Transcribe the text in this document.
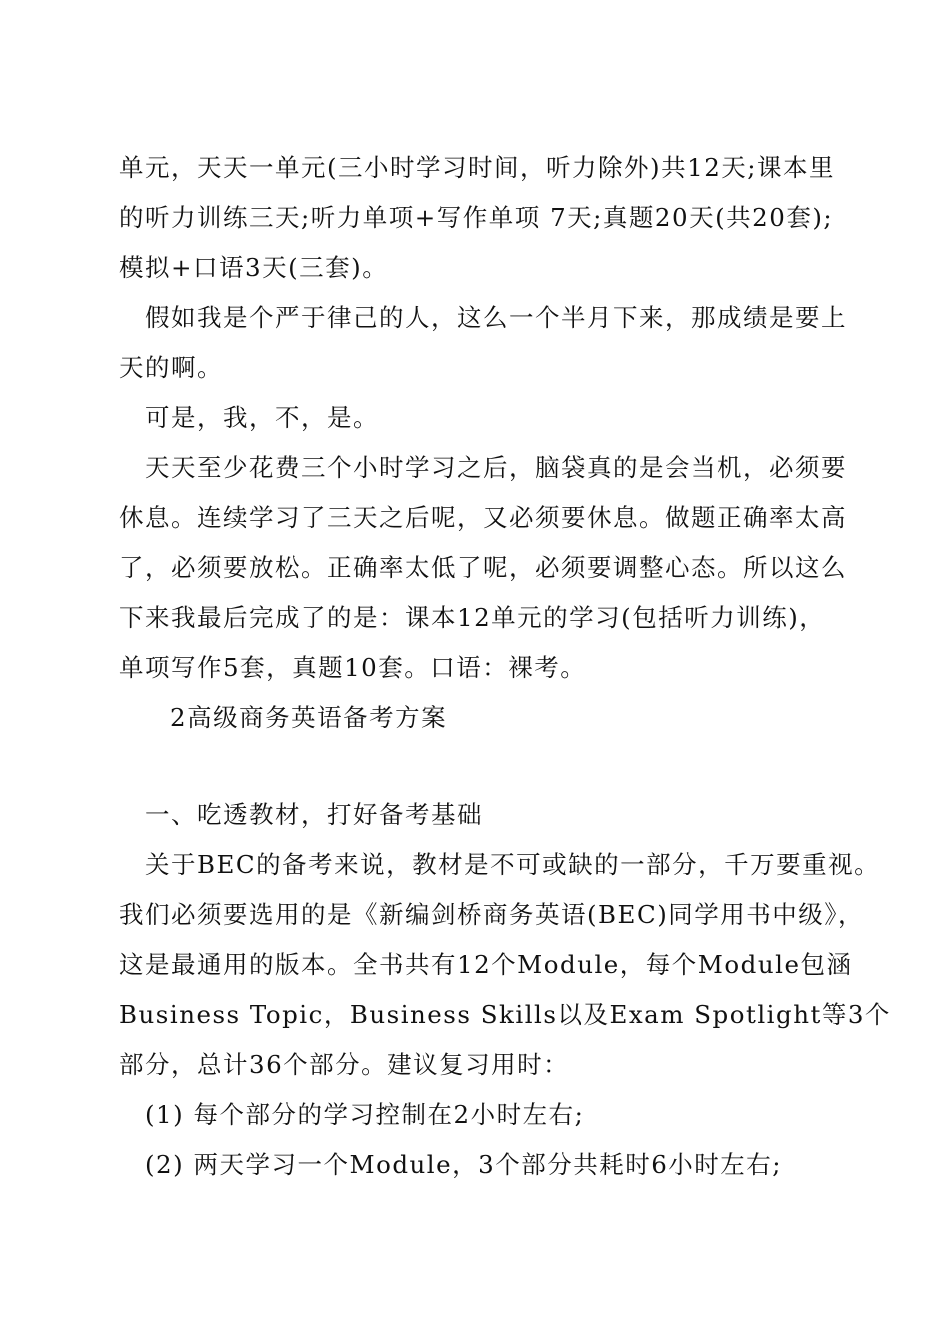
单元，天天一单元(三小时学习时间，听力除外)共12天;课本里
的听力训练三天;听力单项+写作单项 7天;真题20天(共20套);
模拟+口语3天(三套)。
假如我是个严于律己的人，这么一个半月下来，那成绩是要上
天的啊。
可是，我，不，是。
天天至少花费三个小时学习之后，脑袋真的是会当机，必须要
休息。连续学习了三天之后呢，又必须要休息。做题正确率太高
了，必须要放松。正确率太低了呢，必须要调整心态。所以这么
下来我最后完成了的是：课本12单元的学习(包括听力训练)，
单项写作5套，真题10套。口语：裸考。
2高级商务英语备考方案
一、吃透教材，打好备考基础
关于BEC的备考来说，教材是不可或缺的一部分，千万要重视。
我们必须要选用的是《新编剑桥商务英语(BEC)同学用书中级》，
这是最通用的版本。全书共有12个Module，每个Module包涵
Business Topic，Business Skills以及Exam Spotlight等3个
部分，总计36个部分。建议复习用时：
(1) 每个部分的学习控制在2小时左右;
(2) 两天学习一个Module，3个部分共耗时6小时左右;
